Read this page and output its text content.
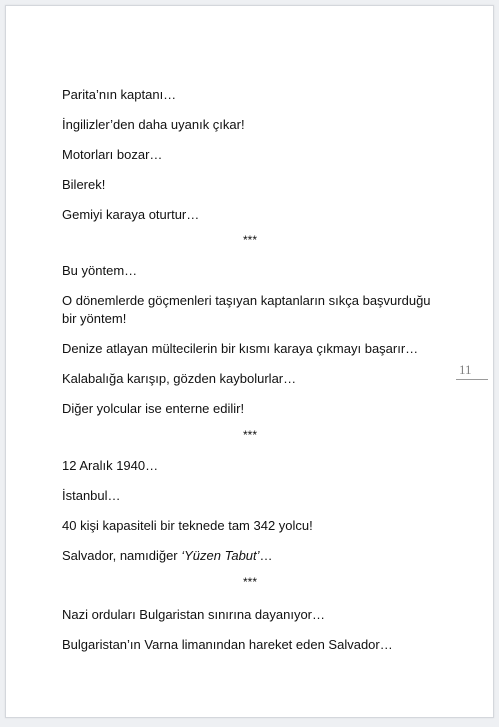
Parita’nın kaptanı…

İngilizler’den daha uyanık çıkar!

Motorları bozar…

Bilerek!

Gemiyi karaya oturtur…

***

Bu yöntem…

O dönemlerde göçmenleri taşıyan kaptanların sıkça başvurduğu bir yöntem!

Denize atlayan mültecilerin bir kısmı karaya çıkmayı başarır…

Kalabalığa karışıp, gözden kaybolurlar…

Diğer yolcular ise enterne edilir!

***

12 Aralık 1940…

İstanbul…

40 kişi kapasiteli bir teknede tam 342 yolcu!

Salvador, namıdiğer ‘Yüzen Tabut’…

***

Nazi orduları Bulgaristan sınırına dayanıyor…

Bulgaristan’ın Varna limanından hareket eden Salvador…

11
